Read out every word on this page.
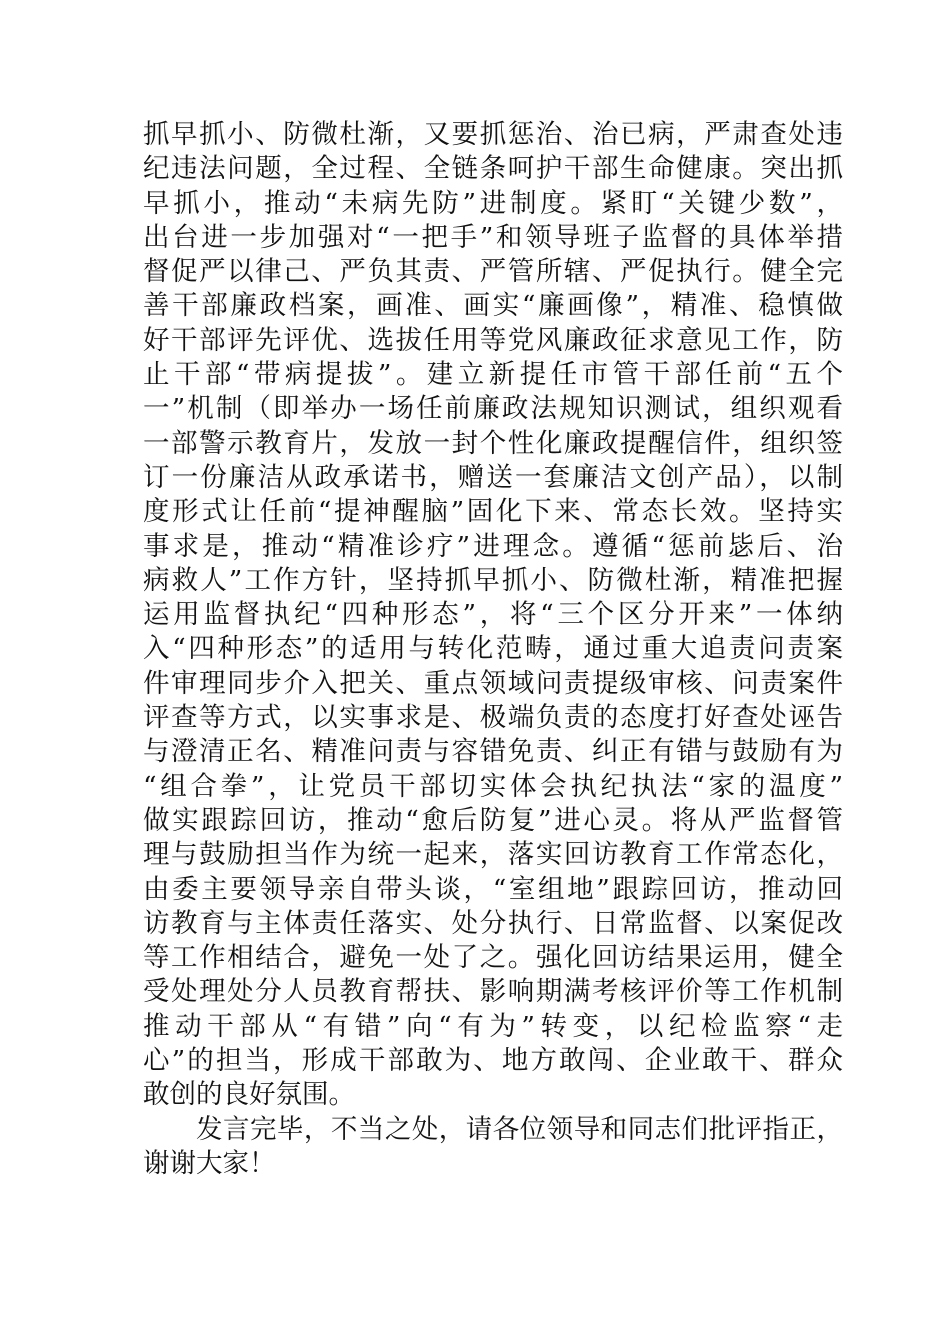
抓早抓小、防微杜渐，又要抓惩治、治已病，严肃查处违
纪违法问题，全过程、全链条呵护干部生命健康。突出抓
早抓小，推动“未病先防”进制度。紧盯“关键少数”，
出台进一步加强对“一把手”和领导班子监督的具体举措
督促严以律己、严负其责、严管所辖、严促执行。健全完
善干部廉政档案，画准、画实“廉画像”，精准、稳慎做
好干部评先评优、选拔任用等党风廉政征求意见工作，防
止干部“带病提拔”。建立新提任市管干部任前“五个
一”机制（即举办一场任前廉政法规知识测试，组织观看
一部警示教育片，发放一封个性化廉政提醒信件，组织签
订一份廉洁从政承诺书，赠送一套廉洁文创产品），以制
度形式让任前“提神醒脑”固化下来、常态长效。坚持实
事求是，推动“精准诊疗”进理念。遵循“惩前毖后、治
病救人”工作方针，坚持抓早抓小、防微杜渐，精准把握
运用监督执纪“四种形态”，将“三个区分开来”一体纳
入“四种形态”的适用与转化范畴，通过重大追责问责案
件审理同步介入把关、重点领域问责提级审核、问责案件
评查等方式，以实事求是、极端负责的态度打好查处诬告
与澄清正名、精准问责与容错免责、纠正有错与鼓励有为
“组合拳”，让党员干部切实体会执纪执法“家的温度”
做实跟踪回访，推动“愈后防复”进心灵。将从严监督管
理与鼓励担当作为统一起来，落实回访教育工作常态化，
由委主要领导亲自带头谈，“室组地”跟踪回访，推动回
访教育与主体责任落实、处分执行、日常监督、以案促改
等工作相结合，避免一处了之。强化回访结果运用，健全
受处理处分人员教育帮扶、影响期满考核评价等工作机制
推动干部从“有错”向“有为”转变，以纪检监察“走
心”的担当，形成干部敢为、地方敢闯、企业敢干、群众
敢创的良好氛围。
发言完毕，不当之处，请各位领导和同志们批评指正，
谢谢大家！
